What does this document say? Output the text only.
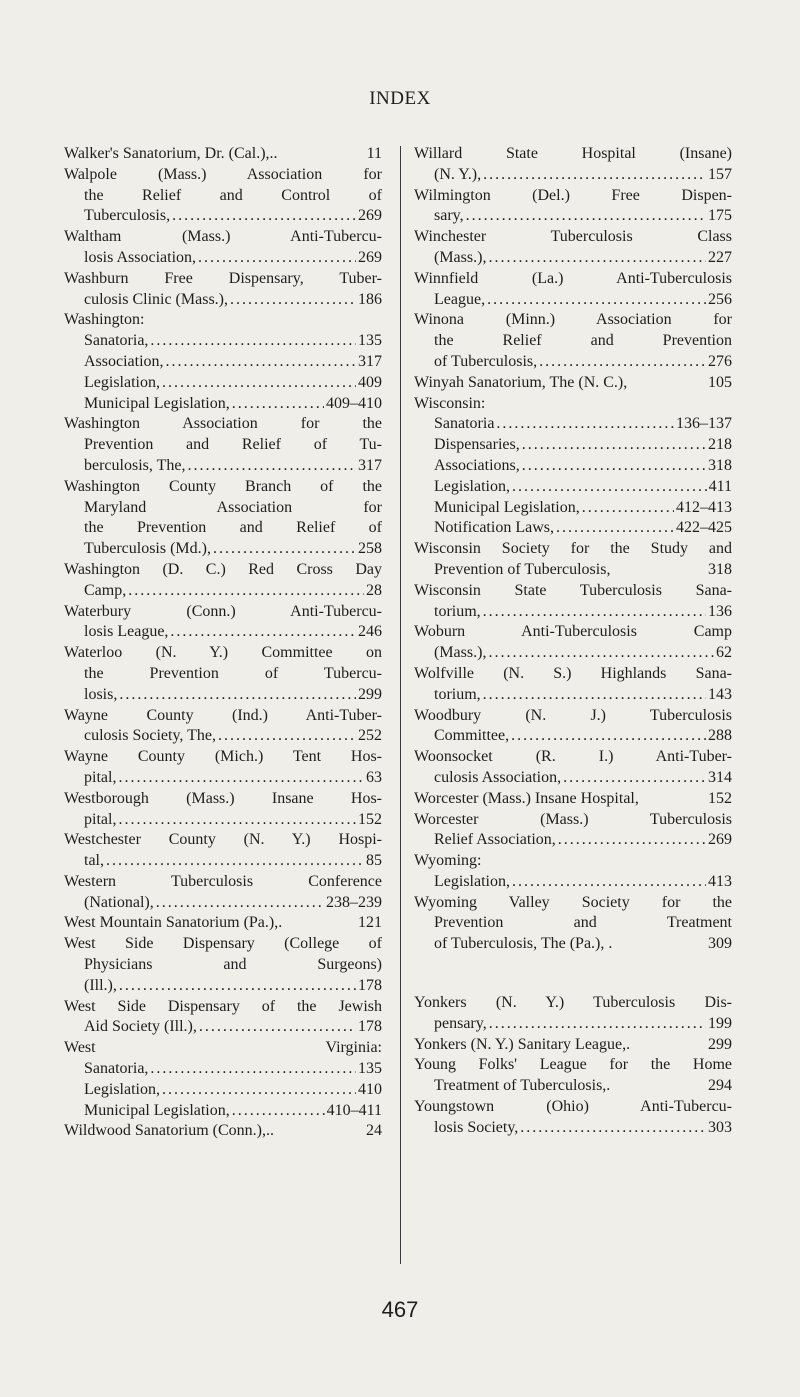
INDEX
Walker's Sanatorium, Dr. (Cal.),..	11
Walpole (Mass.) Association for
the Relief and Control of
Tuberculosis, .....	269
Waltham (Mass.) Anti-Tubercu-
losis Association, .....	269
Washburn Free Dispensary, Tuber-
culosis Clinic (Mass.), .....	186
Washington:
Sanatoria, .....	135
Association, .....	317
Legislation, .....	409
Municipal Legislation, .....	409–410
Washington Association for the
Prevention and Relief of Tu-
berculosis, The, .....	317
Washington County Branch of the
Maryland Association for
the Prevention and Relief of
Tuberculosis (Md.), .....	258
Washington (D. C.) Red Cross Day
Camp, .....	28
Waterbury (Conn.) Anti-Tubercu-
losis League, .....	246
Waterloo (N. Y.) Committee on
the Prevention of Tubercu-
losis, .....	299
Wayne County (Ind.) Anti-Tuber-
culosis Society, The, .....	252
Wayne County (Mich.) Tent Hos-
pital, .....	63
Westborough (Mass.) Insane Hos-
pital, .....	152
Westchester County (N. Y.) Hospi-
tal, .....	85
Western Tuberculosis Conference
(National), .....	238–239
West Mountain Sanatorium (Pa.),.	121
West Side Dispensary (College of
Physicians and Surgeons)
(Ill.), .....	178
West Side Dispensary of the Jewish
Aid Society (Ill.), .....	178
West Virginia:
Sanatoria, .....	135
Legislation, .....	410
Municipal Legislation, .....	410–411
Wildwood Sanatorium (Conn.),..	24
Willard State Hospital (Insane)
(N. Y.), .....	157
Wilmington (Del.) Free Dispen-
sary, .....	175
Winchester Tuberculosis Class
(Mass.), .....	227
Winnfield (La.) Anti-Tuberculosis
League, .....	256
Winona (Minn.) Association for
the Relief and Prevention
of Tuberculosis, .....	276
Winyah Sanatorium, The (N. C.),	105
Wisconsin:
Sanatoria .....	136–137
Dispensaries, .....	218
Associations, .....	318
Legislation, .....	411
Municipal Legislation, .....	412–413
Notification Laws, .....	422–425
Wisconsin Society for the Study and
Prevention of Tuberculosis,	318
Wisconsin State Tuberculosis Sana-
torium, .....	136
Woburn Anti-Tuberculosis Camp
(Mass.), .....	62
Wolfville (N. S.) Highlands Sana-
torium, .....	143
Woodbury (N. J.) Tuberculosis
Committee, .....	288
Woonsocket (R. I.) Anti-Tuber-
culosis Association, .....	314
Worcester (Mass.) Insane Hospital,	152
Worcester (Mass.) Tuberculosis
Relief Association, .....	269
Wyoming:
Legislation, .....	413
Wyoming Valley Society for the
Prevention and Treatment
of Tuberculosis, The (Pa.), .	309
Yonkers (N. Y.) Tuberculosis Dis-
pensary, .....	199
Yonkers (N. Y.) Sanitary League,.	299
Young Folks' League for the Home
Treatment of Tuberculosis,.	294
Youngstown (Ohio) Anti-Tubercu-
losis Society, .....	303
467
